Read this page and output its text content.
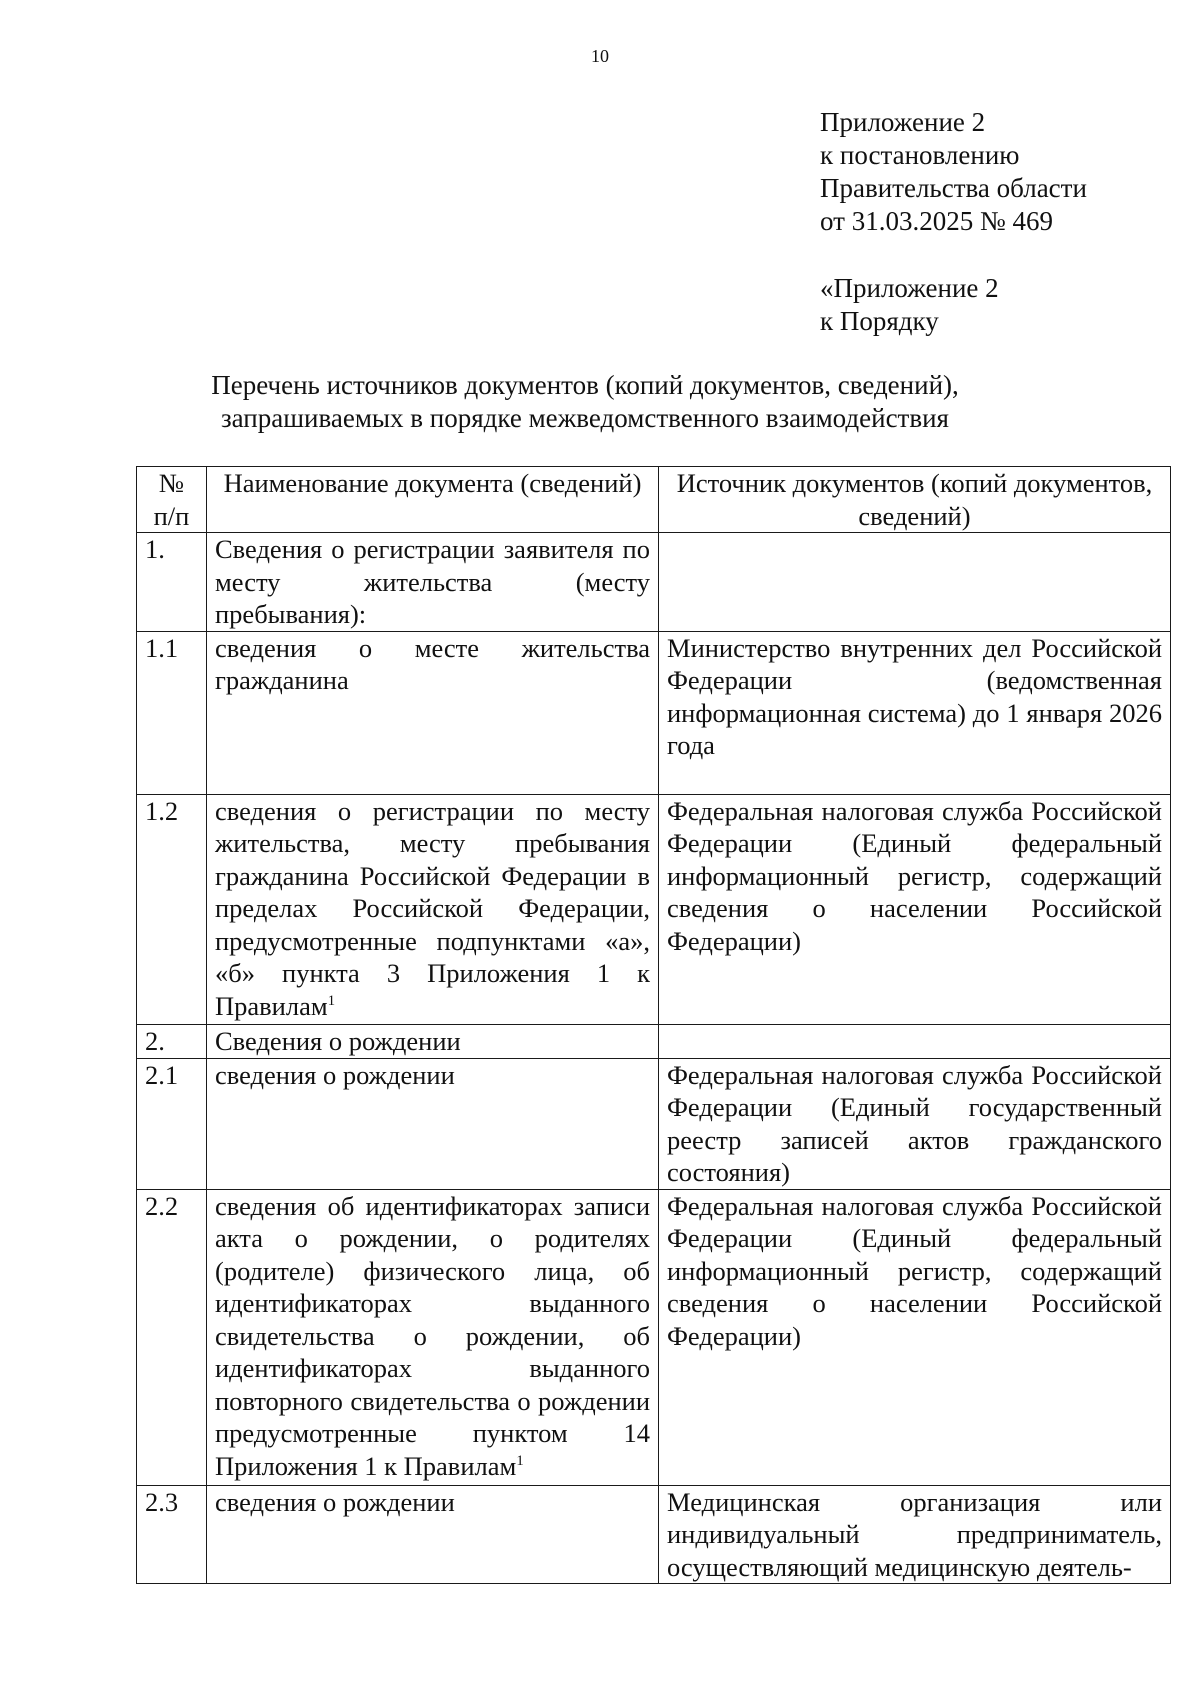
10
Приложение 2
к постановлению
Правительства области
от 31.03.2025 № 469
«Приложение 2
к Порядку
Перечень источников документов (копий документов, сведений),
запрашиваемых в порядке межведомственного взаимодействия
№ п/п	Наименование документа (сведений)	Источник документов (копий документов, сведений)
1.	Сведения о регистрации заявителя по месту жительства (месту пребывания):	
1.1	сведения о месте жительства гражданина	Министерство внутренних дел Российской Федерации (ведомственная информационная система) до 1 января 2026 года
1.2	сведения о регистрации по месту жительства, месту пребывания гражданина Российской Федерации в пределах Российской Федерации, предусмотренные подпунктами «а», «б» пункта 3 Приложения 1 к Правилам$^1$	Федеральная налоговая служба Российской Федерации (Единый федеральный информационный регистр, содержащий сведения о населении Российской Федерации)
2.	Сведения о рождении	
2.1	сведения о рождении	Федеральная налоговая служба Российской Федерации (Единый государственный реестр записей актов гражданского состояния)
2.2	сведения об идентификаторах записи акта о рождении, о родителях (родителе) физического лица, об идентификаторах выданного свидетельства о рождении, об идентификаторах выданного повторного свидетельства о рождении предусмотренные пунктом 14 Приложения 1 к Правилам$^1$	Федеральная налоговая служба Российской Федерации (Единый федеральный информационный регистр, содержащий сведения о населении Российской Федерации)
2.3	сведения о рождении	Медицинская организация или индивидуальный предприниматель, осуществляющий медицинскую деятель-
